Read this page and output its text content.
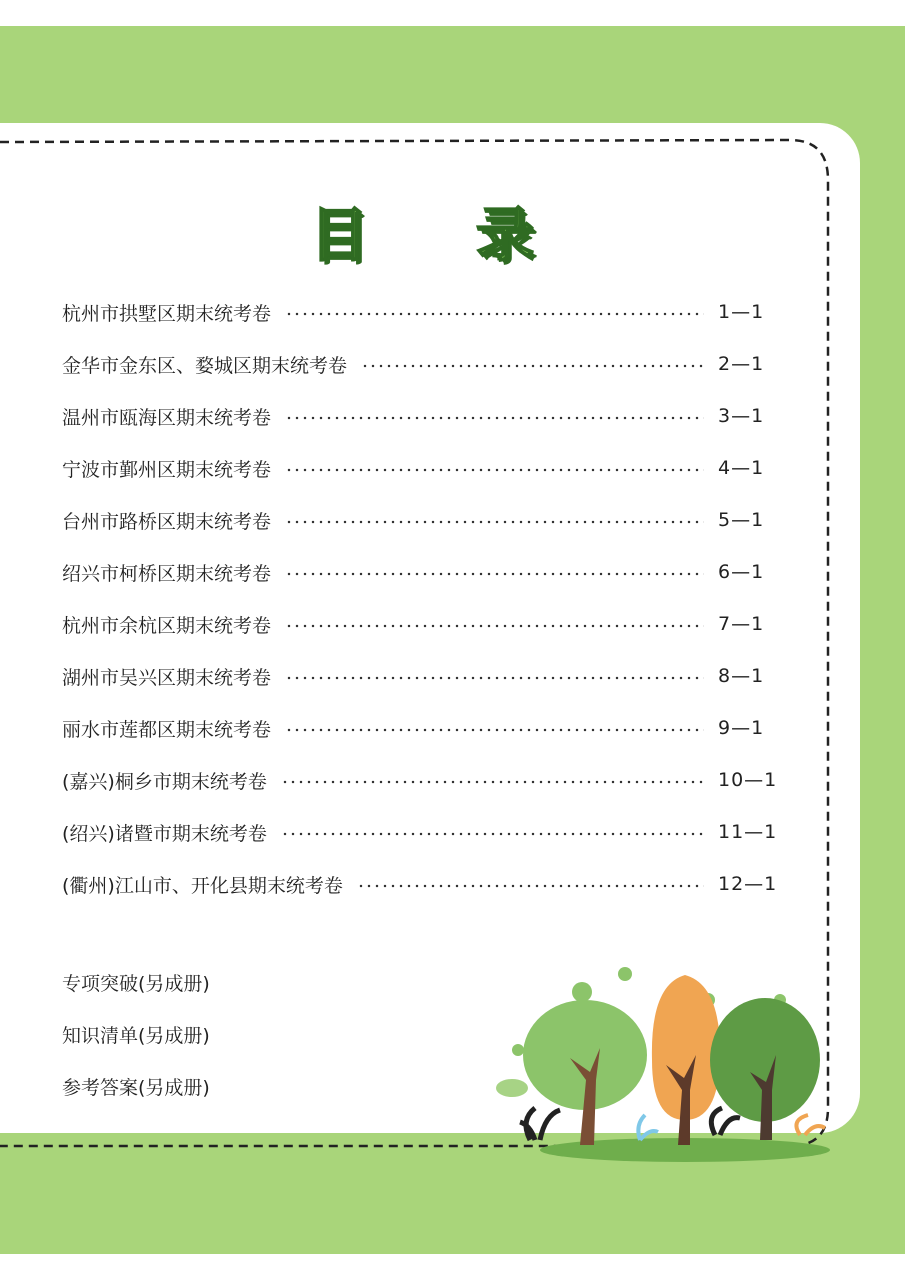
目 录
杭州市拱墅区期末统考卷	1—1
金华市金东区、婺城区期末统考卷	2—1
温州市瓯海区期末统考卷	3—1
宁波市鄞州区期末统考卷	4—1
台州市路桥区期末统考卷	5—1
绍兴市柯桥区期末统考卷	6—1
杭州市余杭区期末统考卷	7—1
湖州市吴兴区期末统考卷	8—1
丽水市莲都区期末统考卷	9—1
(嘉兴)桐乡市期末统考卷	10—1
(绍兴)诸暨市期末统考卷	11—1
(衢州)江山市、开化县期末统考卷	12—1
专项突破(另成册)
知识清单(另成册)
参考答案(另成册)
